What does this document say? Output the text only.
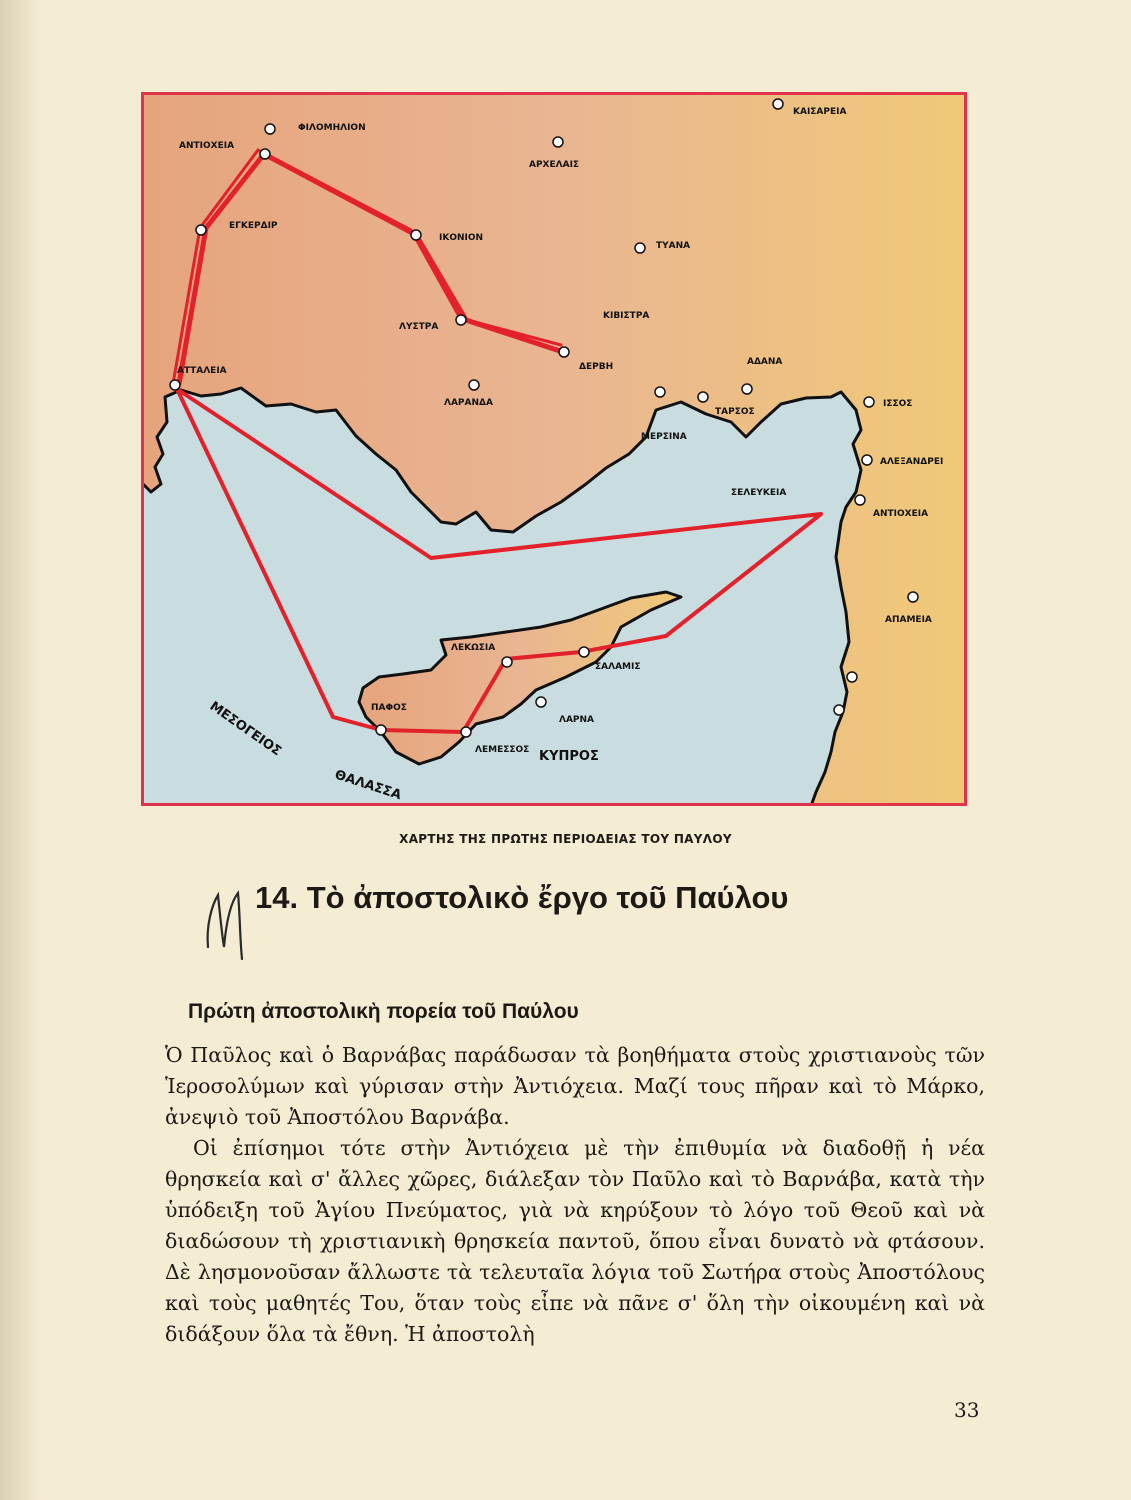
ΚΑΙΣΑΡΕΙΑ
ΦΙΛΟΜΗΛΙΟΝ
ΑΝΤΙΟΧΕΙΑ
ΑΡΧΕΛΑΙΣ
ΕΓΚΕΡΔΙΡ
ΙΚΟΝΙΟΝ
ΤΥΑΝΑ
ΚΙΒΙΣΤΡΑ
ΛΥΣΤΡΑ
ΔΕΡΒΗ	ΑΔΑΝΑ
ΑΤΤΑΛΕΙΑ
ΛΑΡΑΝΔΑ
ΤΑΡΣΟΣ
ΙΣΣΟΣ
ΜΕΡΣΙΝΑ
ΑΛΕΞΑΝΔΡΕΙ
ΣΕΛΕΥΚΕΙΑ
ΑΝΤΙΟΧΕΙΑ
ΑΠΑΜΕΙΑ
ΛΕΚΩΣΙΑ
ΣΑΛΑΜΙΣ
ΠΑΦΟΣ
ΛΑΡΝΑ
ΛΕΜΕΣΣΟΣ ΚΥΠΡΟΣ
ΜΕΣΟΓΕΙΟΣ
ΘΑΛΑΣΣΑ
ΧΑΡΤΗΣ ΤΗΣ ΠΡΩΤΗΣ ΠΕΡΙΟΔΕΙΑΣ ΤΟΥ ΠΑΥΛΟΥ
14. Τὸ ἀποστολικὸ ἔργο τοῦ Παύλου
Πρώτη ἀποστολικὴ πορεία τοῦ Παύλου

Ὁ Παῦλος καὶ ὁ Βαρνάβας παράδωσαν τὰ βοηθήματα στοὺς χριστιανοὺς τῶν Ἱεροσολύμων καὶ γύρισαν στὴν Ἀντιόχεια. Μαζί τους πῆραν καὶ τὸ Μάρκο, ἀνεψιὸ τοῦ Ἀποστόλου Βαρνάβα.

Οἱ ἐπίσημοι τότε στὴν Ἀντιόχεια μὲ τὴν ἐπιθυμία νὰ διαδοθῇ ἡ νέα θρησκεία καὶ σ' ἄλλες χῶρες, διάλεξαν τὸν Παῦλο καὶ τὸ Βαρνάβα, κατὰ τὴν ὑπόδειξη τοῦ Ἁγίου Πνεύματος, γιὰ νὰ κηρύξουν τὸ λόγο τοῦ Θεοῦ καὶ νὰ διαδώσουν τὴ χριστιανικὴ θρησκεία παντοῦ, ὅπου εἶναι δυνατὸ νὰ φτάσουν. Δὲ λησμονοῦσαν ἄλλωστε τὰ τελευταῖα λόγια τοῦ Σωτήρα στοὺς Ἀποστόλους καὶ τοὺς μαθητές Του, ὅταν τοὺς εἶπε νὰ πᾶνε σ' ὅλη τὴν οἰκουμένη καὶ νὰ διδάξουν ὅλα τὰ ἔθνη. Ἡ ἀποστολὴ

33
